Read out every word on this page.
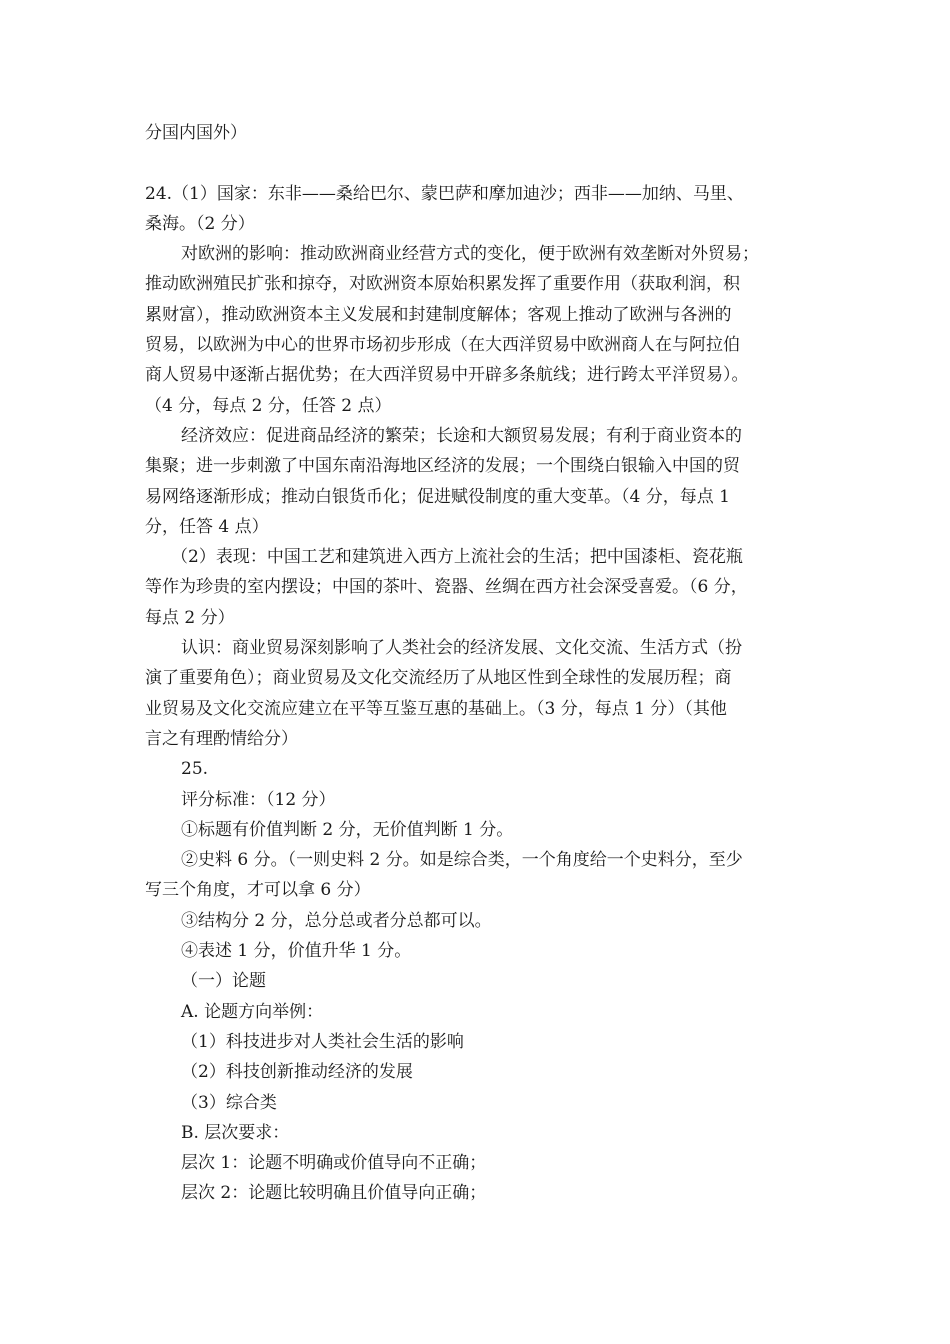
分国内国外）
24.（1）国家：东非——桑给巴尔、蒙巴萨和摩加迪沙；西非——加纳、马里、
桑海。（2 分）
对欧洲的影响：推动欧洲商业经营方式的变化，便于欧洲有效垄断对外贸易；
推动欧洲殖民扩张和掠夺，对欧洲资本原始积累发挥了重要作用（获取利润，积
累财富），推动欧洲资本主义发展和封建制度解体；客观上推动了欧洲与各洲的
贸易，以欧洲为中心的世界市场初步形成（在大西洋贸易中欧洲商人在与阿拉伯
商人贸易中逐渐占据优势；在大西洋贸易中开辟多条航线；进行跨太平洋贸易）。
（4 分，每点 2 分，任答 2 点）
经济效应：促进商品经济的繁荣；长途和大额贸易发展；有利于商业资本的
集聚；进一步刺激了中国东南沿海地区经济的发展；一个围绕白银输入中国的贸
易网络逐渐形成；推动白银货币化；促进赋役制度的重大变革。（4 分，每点 1
分，任答 4 点）
（2）表现：中国工艺和建筑进入西方上流社会的生活；把中国漆柜、瓷花瓶
等作为珍贵的室内摆设；中国的茶叶、瓷器、丝绸在西方社会深受喜爱。（6 分，
每点 2 分）
认识：商业贸易深刻影响了人类社会的经济发展、文化交流、生活方式（扮
演了重要角色）；商业贸易及文化交流经历了从地区性到全球性的发展历程；商
业贸易及文化交流应建立在平等互鉴互惠的基础上。（3 分，每点 1 分）（其他
言之有理酌情给分）
25.
评分标准：（12 分）
①标题有价值判断 2 分，无价值判断 1 分。
②史料 6 分。（一则史料 2 分。如是综合类，一个角度给一个史料分，至少
写三个角度，才可以拿 6 分）
③结构分 2 分，总分总或者分总都可以。
④表述 1 分，价值升华 1 分。
（一）论题
A. 论题方向举例：
（1）科技进步对人类社会生活的影响
（2）科技创新推动经济的发展
（3）综合类
B. 层次要求：
层次 1：论题不明确或价值导向不正确；
层次 2：论题比较明确且价值导向正确；
